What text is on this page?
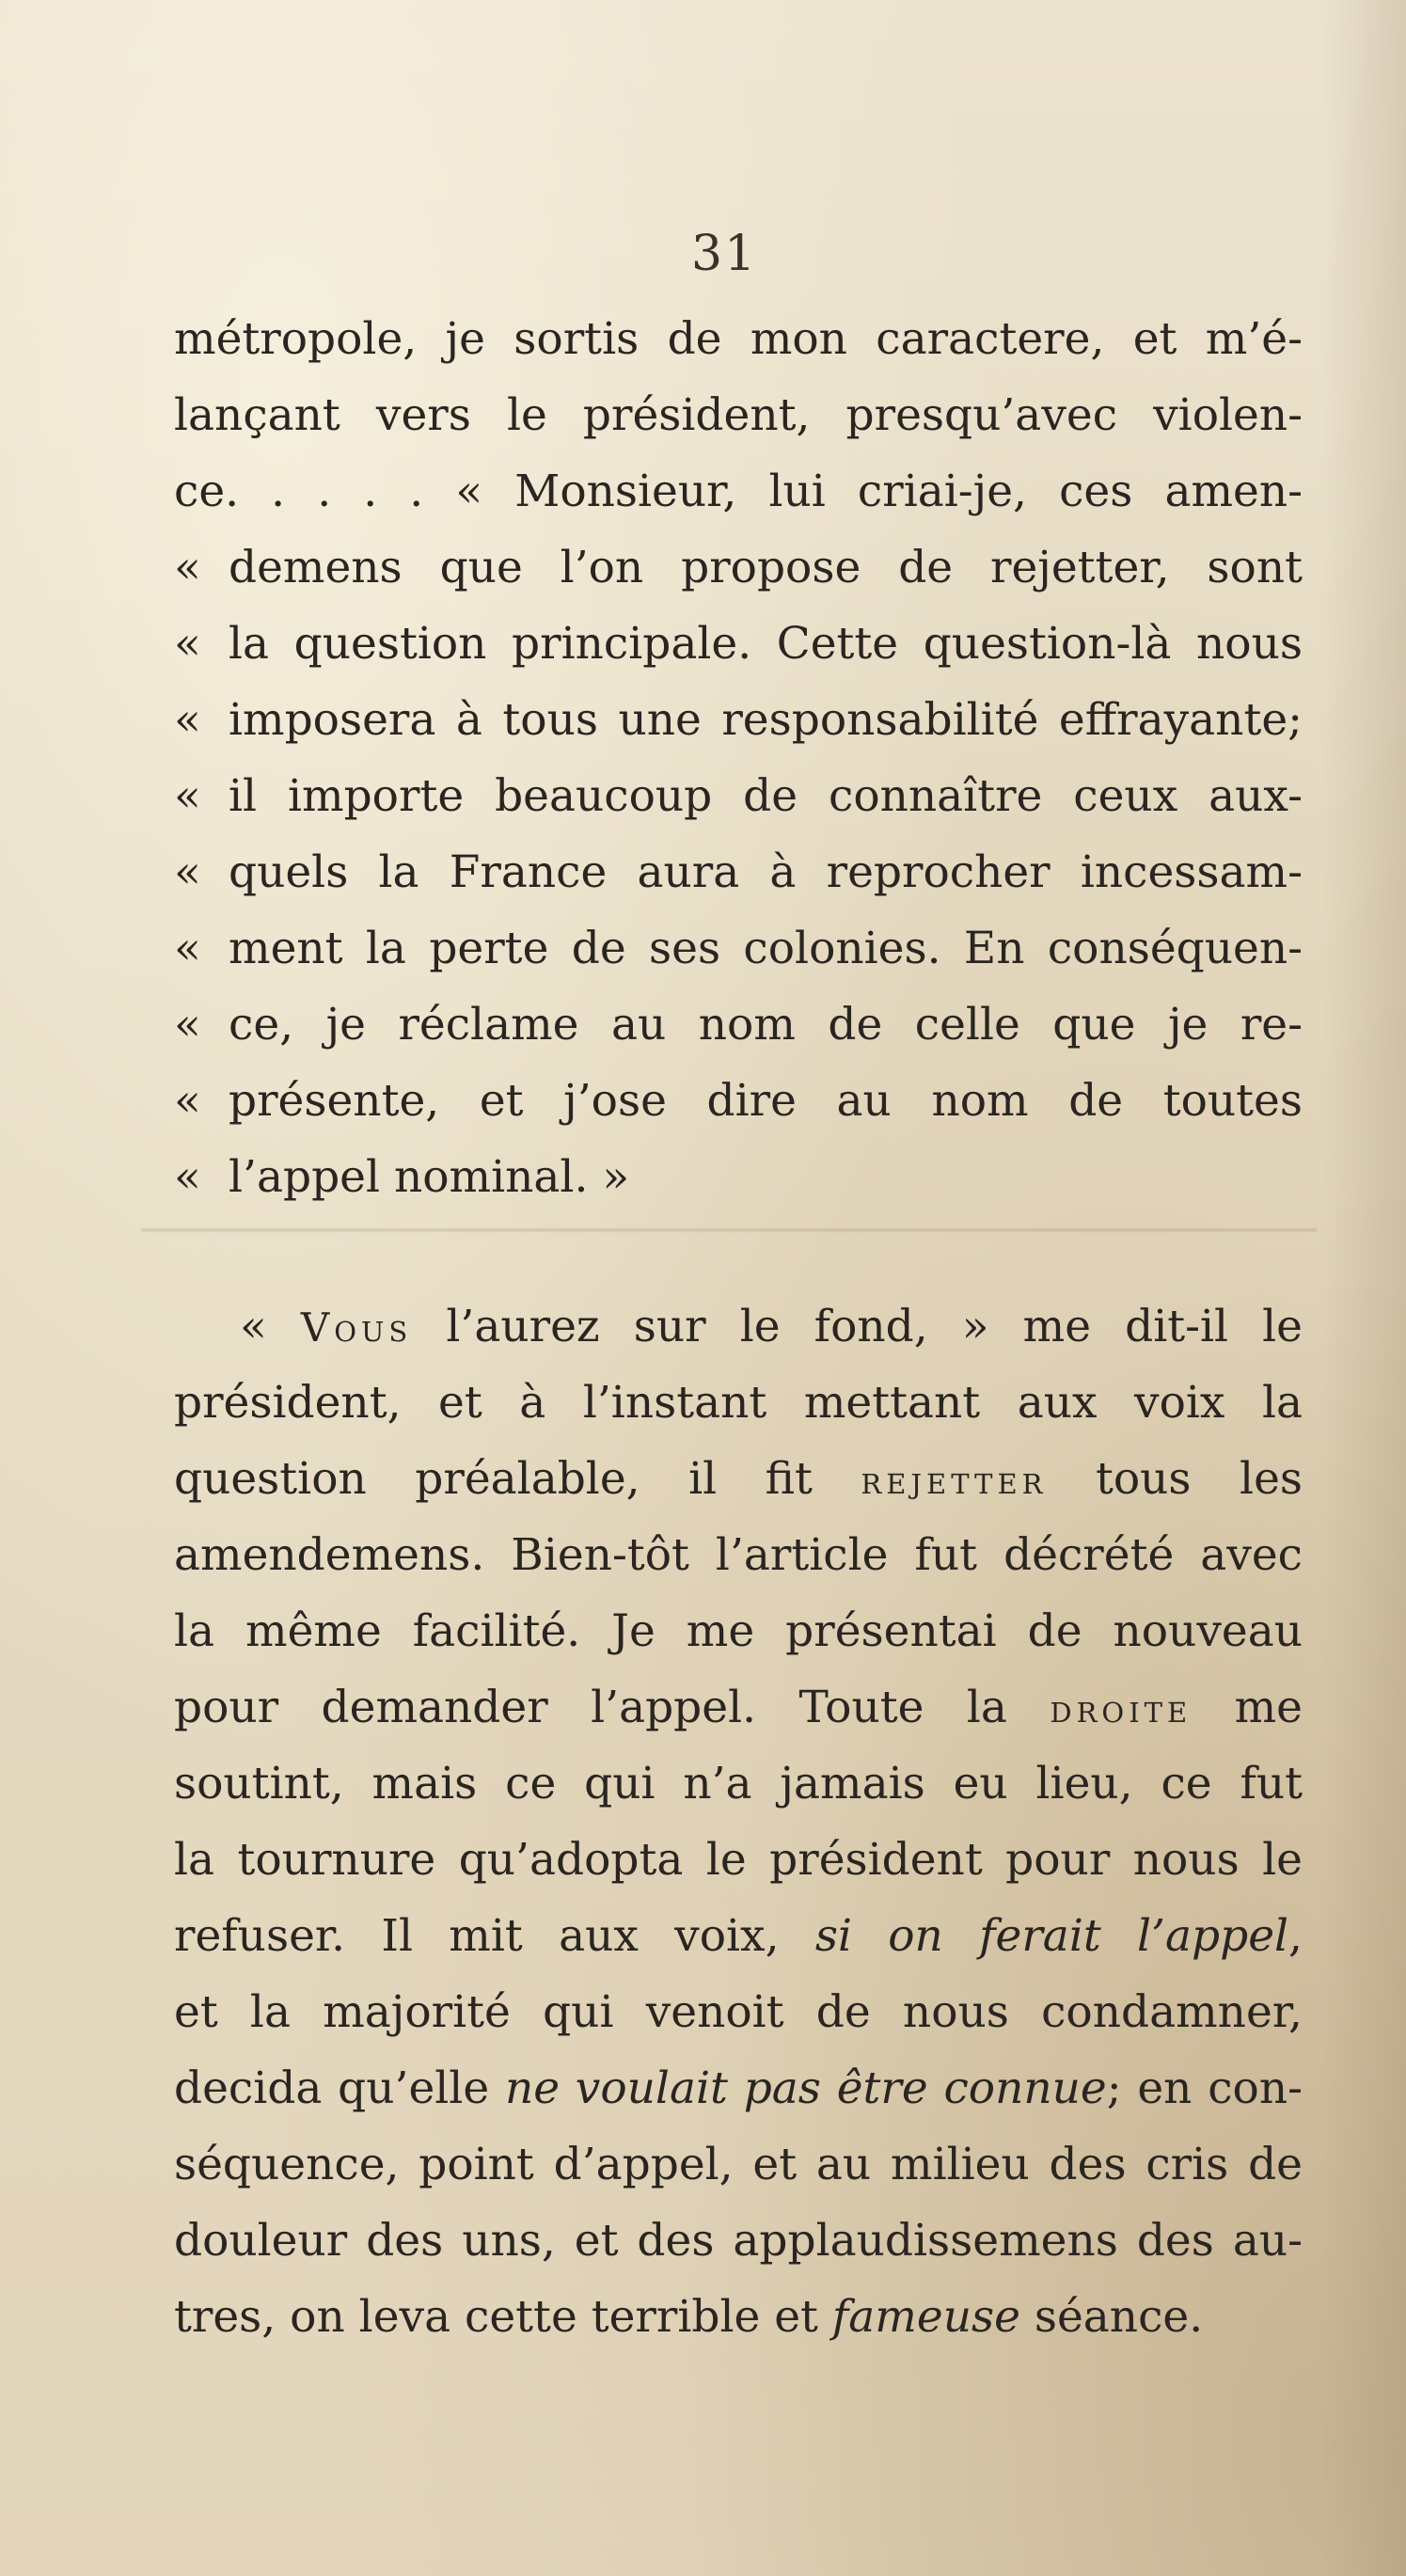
31
métropole, je sortis de mon caractere, et m’é-
lançant vers le président, presqu’avec violen-
ce. . . . . « Monsieur, lui criai-je, ces amen-
« demens que l’on propose de rejetter, sont
« la question principale. Cette question-là nous
« imposera à tous une responsabilité effrayante;
« il importe beaucoup de connaître ceux aux-
« quels la France aura à reprocher incessam-
« ment la perte de ses colonies. En conséquen-
« ce, je réclame au nom de celle que je re-
« présente, et j’ose dire au nom de toutes
« l’appel nominal. »
« Vous l’aurez sur le fond, » me dit-il le
président, et à l’instant mettant aux voix la
question préalable, il fit rejetter tous les
amendemens. Bien-tôt l’article fut décrété avec
la même facilité. Je me présentai de nouveau
pour demander l’appel. Toute la droite me
soutint, mais ce qui n’a jamais eu lieu, ce fut
la tournure qu’adopta le président pour nous le
refuser. Il mit aux voix, si on ferait l’appel,
et la majorité qui venoit de nous condamner,
decida qu’elle ne voulait pas être connue; en con-
séquence, point d’appel, et au milieu des cris de
douleur des uns, et des applaudissemens des au-
tres, on leva cette terrible et fameuse séance.
